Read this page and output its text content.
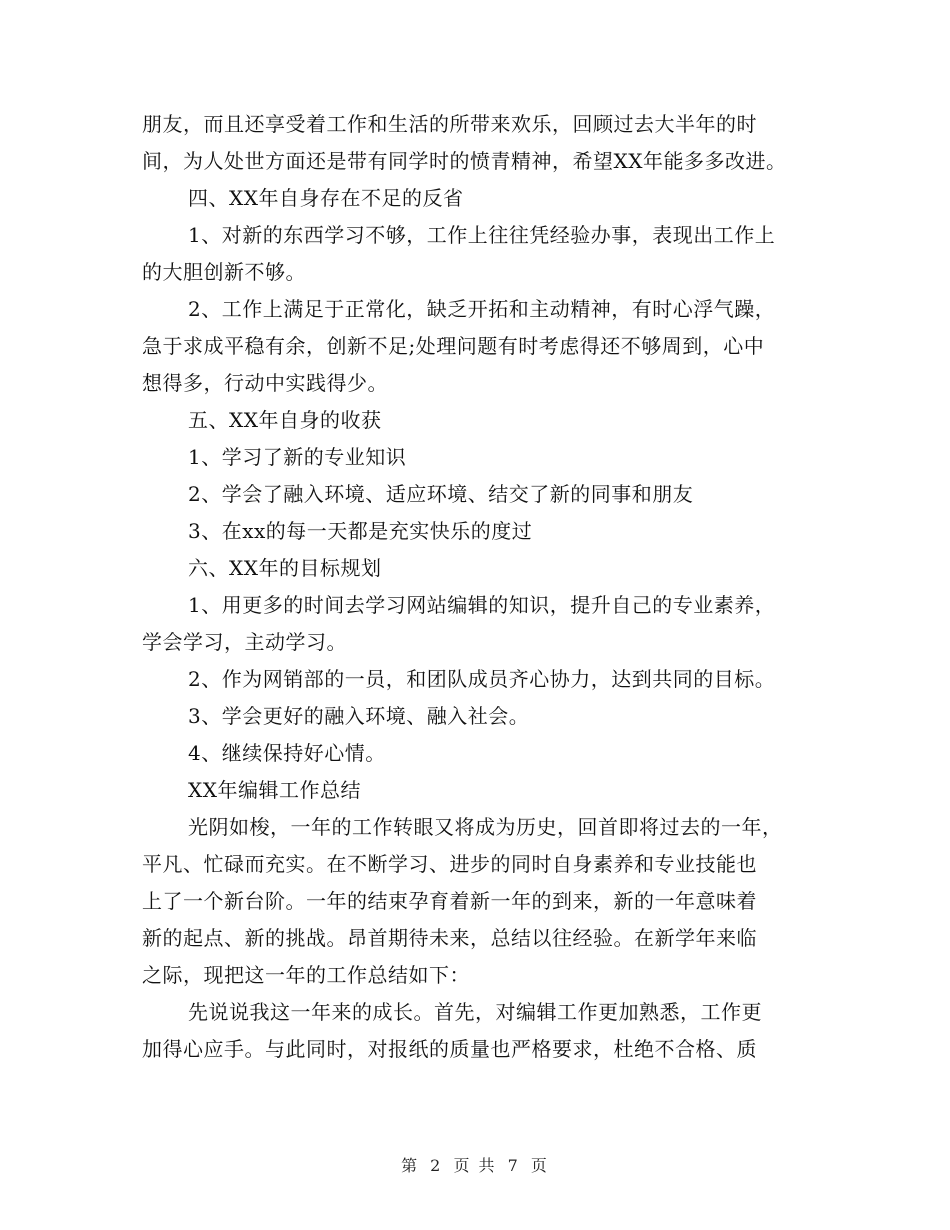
朋友，而且还享受着工作和生活的所带来欢乐，回顾过去大半年的时
间，为人处世方面还是带有同学时的愤青精神，希望XX年能多多改进。
四、XX年自身存在不足的反省
1、对新的东西学习不够，工作上往往凭经验办事，表现出工作上
的大胆创新不够。
2、工作上满足于正常化，缺乏开拓和主动精神，有时心浮气躁，
急于求成平稳有余，创新不足;处理问题有时考虑得还不够周到，心中
想得多，行动中实践得少。
五、XX年自身的收获
1、学习了新的专业知识
2、学会了融入环境、适应环境、结交了新的同事和朋友
3、在xx的每一天都是充实快乐的度过
六、XX年的目标规划
1、用更多的时间去学习网站编辑的知识，提升自己的专业素养，
学会学习，主动学习。
2、作为网销部的一员，和团队成员齐心协力，达到共同的目标。
3、学会更好的融入环境、融入社会。
4、继续保持好心情。
XX年编辑工作总结
光阴如梭，一年的工作转眼又将成为历史，回首即将过去的一年，
平凡、忙碌而充实。在不断学习、进步的同时自身素养和专业技能也
上了一个新台阶。一年的结束孕育着新一年的到来，新的一年意味着
新的起点、新的挑战。昂首期待未来，总结以往经验。在新学年来临
之际，现把这一年的工作总结如下：
先说说我这一年来的成长。首先，对编辑工作更加熟悉，工作更
加得心应手。与此同时，对报纸的质量也严格要求，杜绝不合格、质
第 2 页 共 7 页
